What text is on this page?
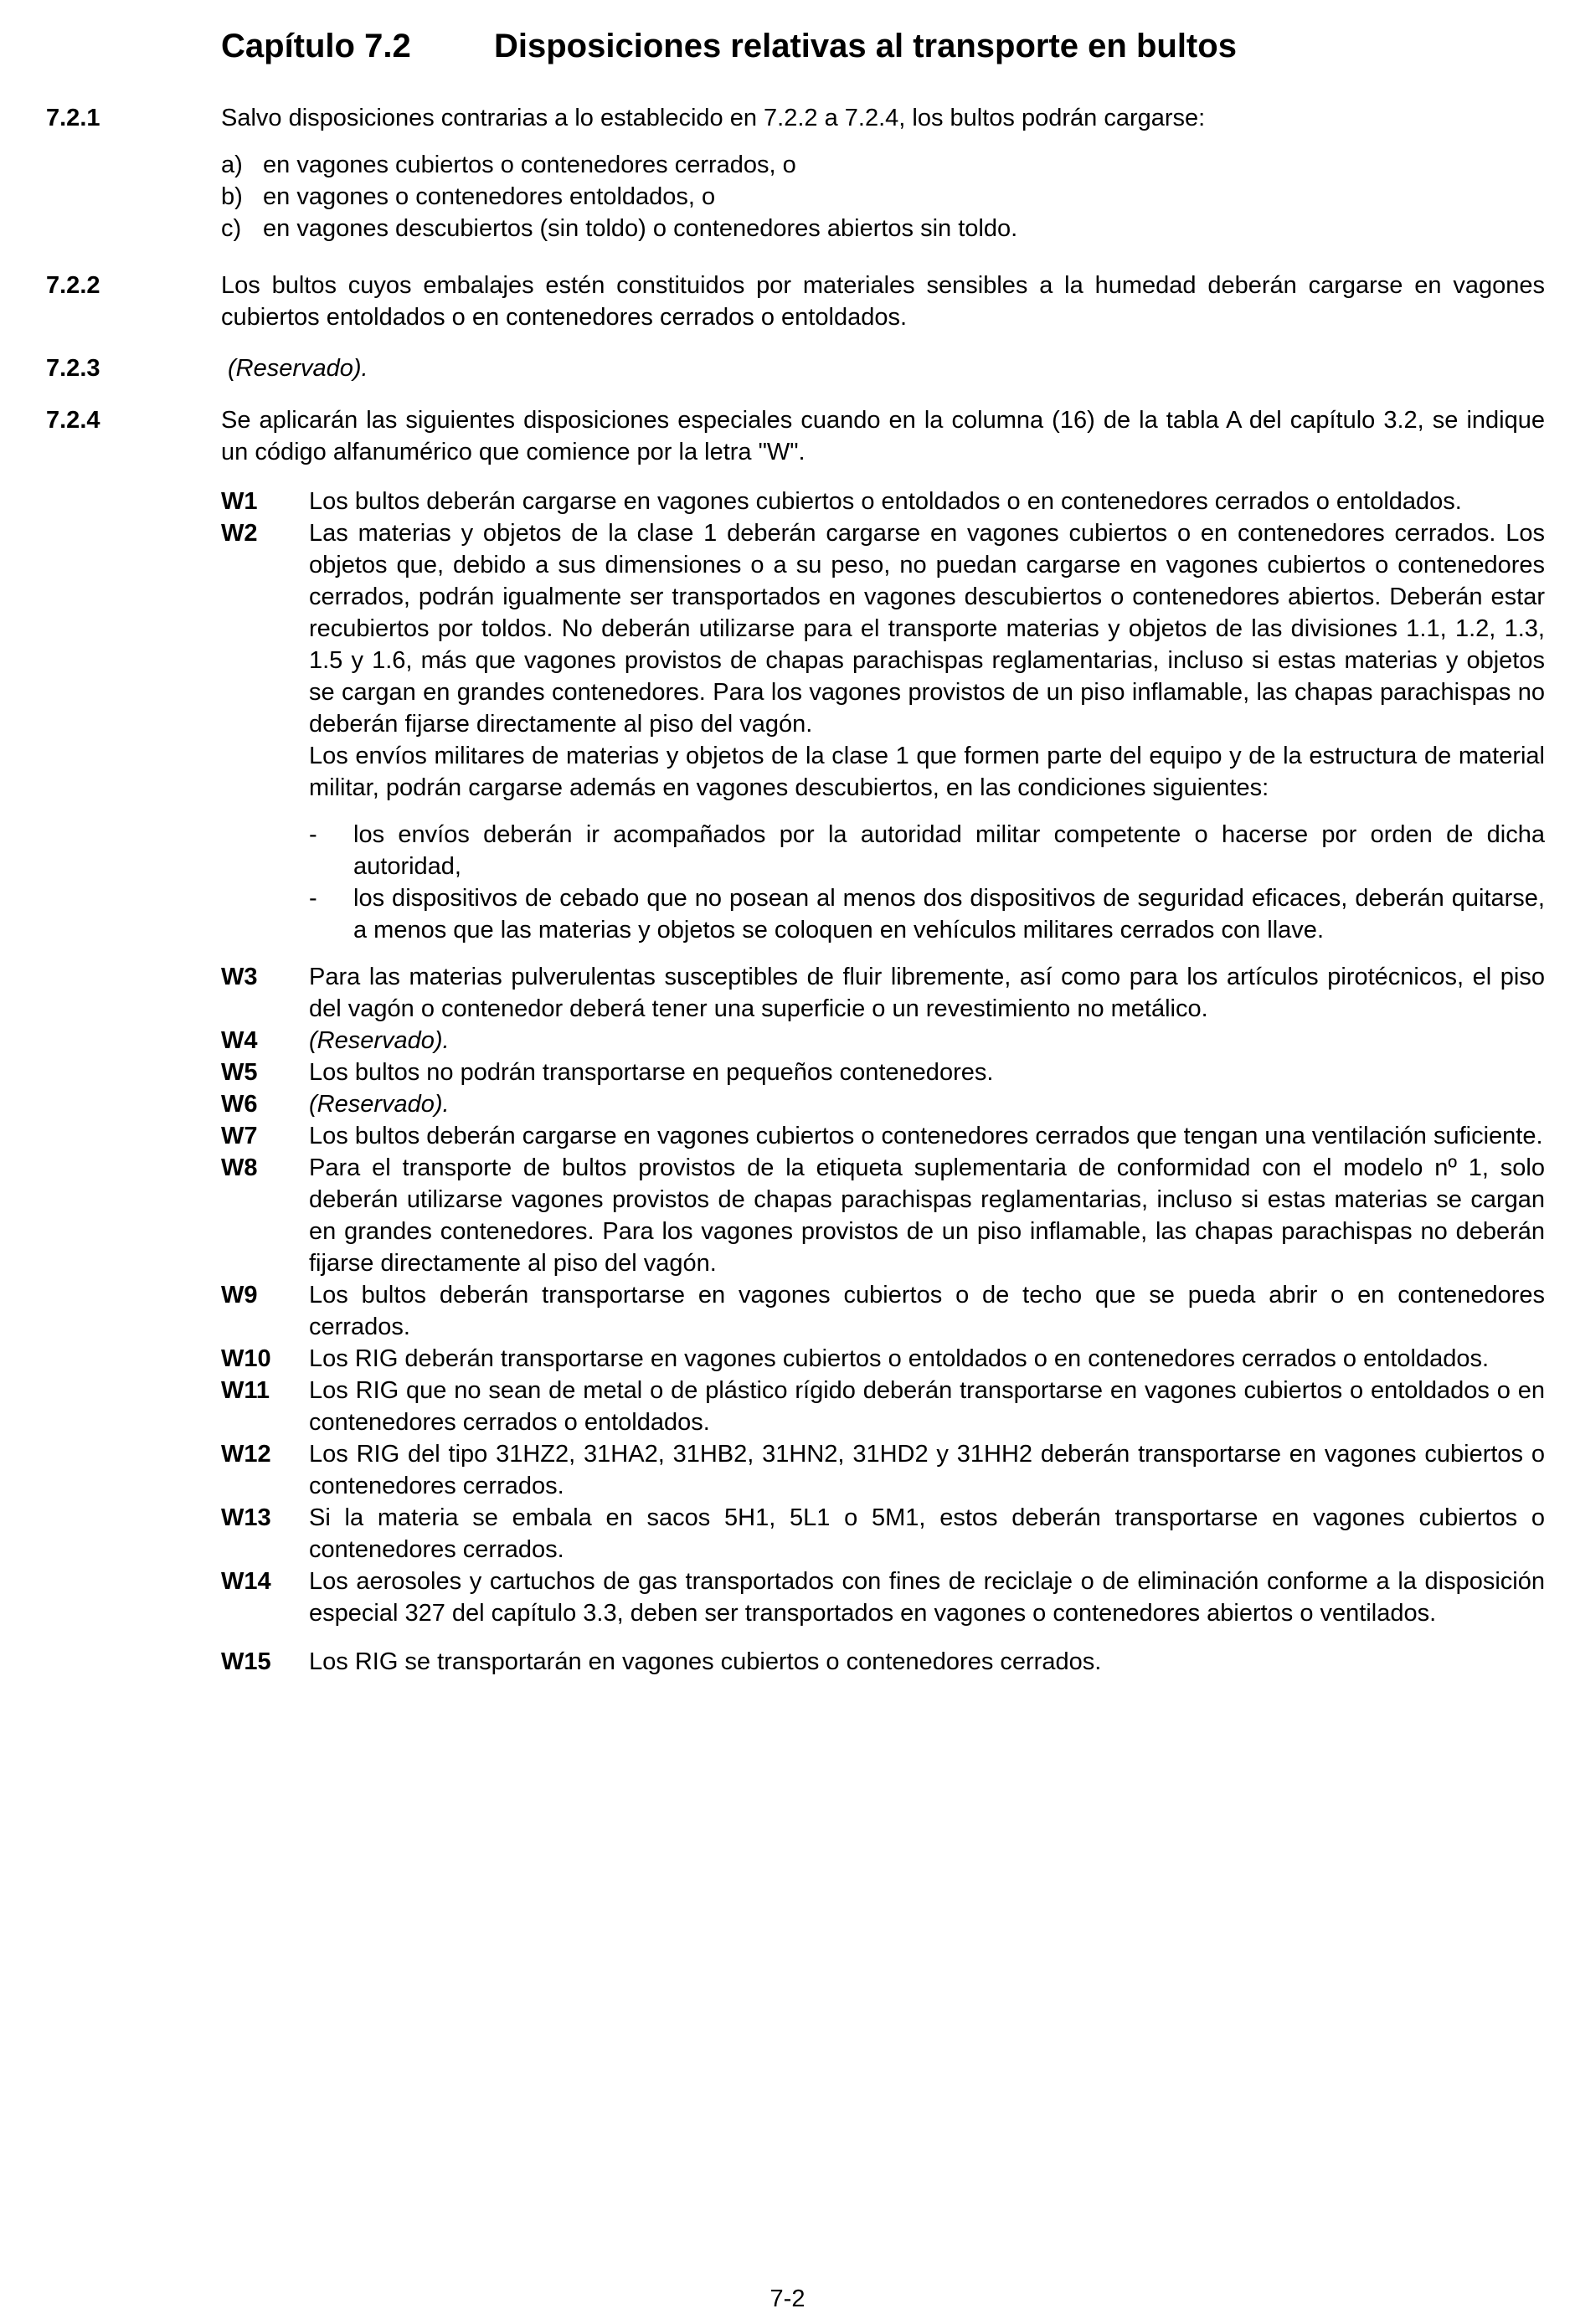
Capítulo 7.2 Disposiciones relativas al transporte en bultos
7.2.1	Salvo disposiciones contrarias a lo establecido en 7.2.2 a 7.2.4, los bultos podrán cargarse:
a) en vagones cubiertos o contenedores cerrados, o
b) en vagones o contenedores entoldados, o
c) en vagones descubiertos (sin toldo) o contenedores abiertos sin toldo.
7.2.2	Los bultos cuyos embalajes estén constituidos por materiales sensibles a la humedad deberán cargarse en vagones cubiertos entoldados o en contenedores cerrados o entoldados.
7.2.3	(Reservado).
7.2.4	Se aplicarán las siguientes disposiciones especiales cuando en la columna (16) de la tabla A del capítulo 3.2, se indique un código alfanumérico que comience por la letra "W".
W1	Los bultos deberán cargarse en vagones cubiertos o entoldados o en contenedores cerrados o entoldados.
W2	Las materias y objetos de la clase 1 deberán cargarse en vagones cubiertos o en contenedores cerrados. Los objetos que, debido a sus dimensiones o a su peso, no puedan cargarse en vagones cubiertos o contenedores cerrados, podrán igualmente ser transportados en vagones descubiertos o contenedores abiertos. Deberán estar recubiertos por toldos. No deberán utilizarse para el transporte materias y objetos de las divisiones 1.1, 1.2, 1.3, 1.5 y 1.6, más que vagones provistos de chapas parachispas reglamentarias, incluso si estas materias y objetos se cargan en grandes contenedores. Para los vagones provistos de un piso inflamable, las chapas parachispas no deberán fijarse directamente al piso del vagón.
Los envíos militares de materias y objetos de la clase 1 que formen parte del equipo y de la estructura de material militar, podrán cargarse además en vagones descubiertos, en las condiciones siguientes:
-	los envíos deberán ir acompañados por la autoridad militar competente o hacerse por orden de dicha autoridad,
-	los dispositivos de cebado que no posean al menos dos dispositivos de seguridad eficaces, deberán quitarse, a menos que las materias y objetos se coloquen en vehículos militares cerrados con llave.
W3	Para las materias pulverulentas susceptibles de fluir libremente, así como para los artículos pirotécnicos, el piso del vagón o contenedor deberá tener una superficie o un revestimiento no metálico.
W4	(Reservado).
W5	Los bultos no podrán transportarse en pequeños contenedores.
W6	(Reservado).
W7	Los bultos deberán cargarse en vagones cubiertos o contenedores cerrados que tengan una ventilación suficiente.
W8	Para el transporte de bultos provistos de la etiqueta suplementaria de conformidad con el modelo nº 1, solo deberán utilizarse vagones provistos de chapas parachispas reglamentarias, incluso si estas materias se cargan en grandes contenedores. Para los vagones provistos de un piso inflamable, las chapas parachispas no deberán fijarse directamente al piso del vagón.
W9	Los bultos deberán transportarse en vagones cubiertos o de techo que se pueda abrir o en contenedores cerrados.
W10	Los RIG deberán transportarse en vagones cubiertos o entoldados o en contenedores cerrados o entoldados.
W11	Los RIG que no sean de metal o de plástico rígido deberán transportarse en vagones cubiertos o entoldados o en contenedores cerrados o entoldados.
W12	Los RIG del tipo 31HZ2, 31HA2, 31HB2, 31HN2, 31HD2 y 31HH2 deberán transportarse en vagones cubiertos o contenedores cerrados.
W13	Si la materia se embala en sacos 5H1, 5L1 o 5M1, estos deberán transportarse en vagones cubiertos o contenedores cerrados.
W14	Los aerosoles y cartuchos de gas transportados con fines de reciclaje o de eliminación conforme a la disposición especial 327 del capítulo 3.3, deben ser transportados en vagones o contenedores abiertos o ventilados.
W15	Los RIG se transportarán en vagones cubiertos o contenedores cerrados.
7-2
